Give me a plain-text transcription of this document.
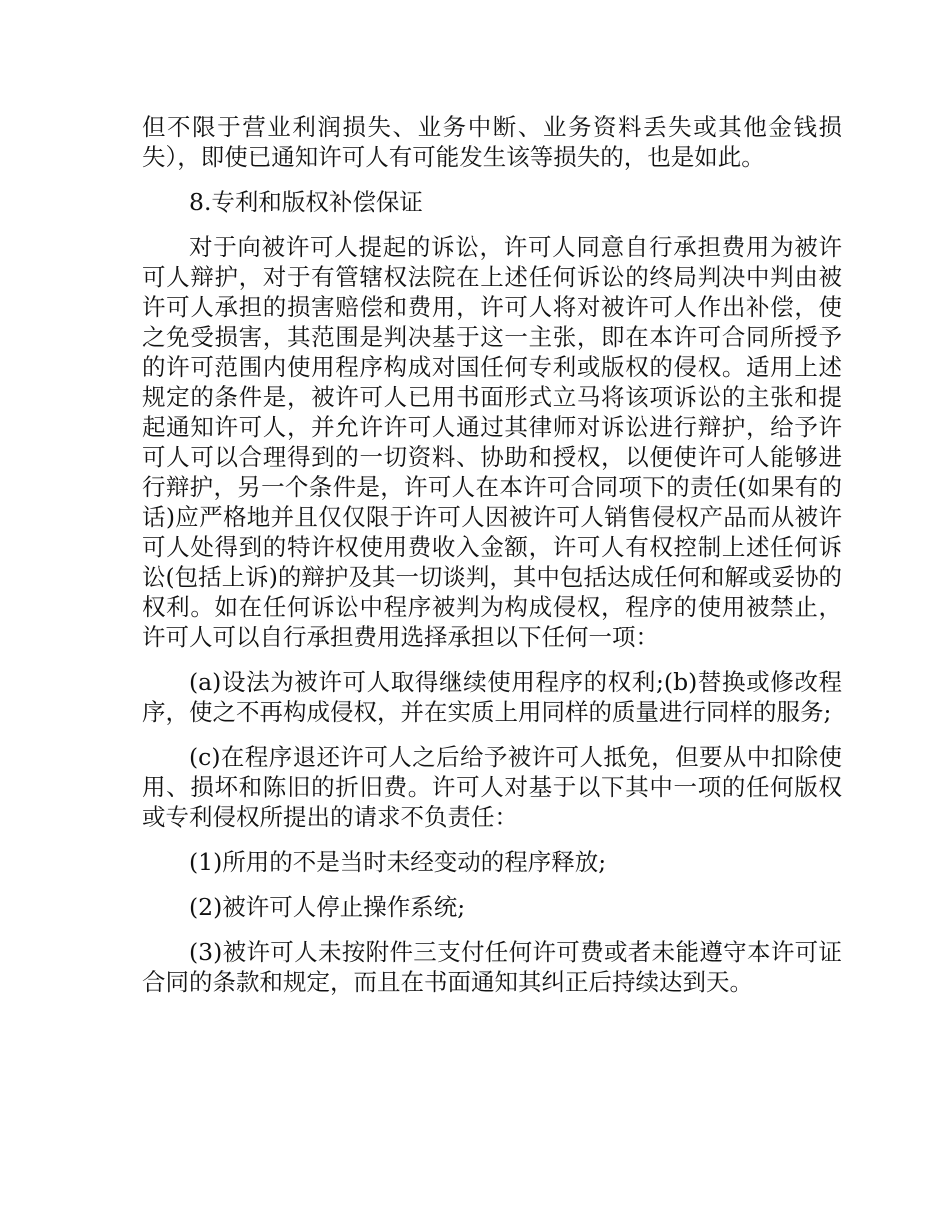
但不限于营业利润损失、业务中断、业务资料丢失或其他金钱损失），即使已通知许可人有可能发生该等损失的，也是如此。

8.专利和版权补偿保证

对于向被许可人提起的诉讼，许可人同意自行承担费用为被许可人辩护，对于有管辖权法院在上述任何诉讼的终局判决中判由被许可人承担的损害赔偿和费用，许可人将对被许可人作出补偿，使之免受损害，其范围是判决基于这一主张，即在本许可合同所授予的许可范围内使用程序构成对国任何专利或版权的侵权。适用上述规定的条件是，被许可人已用书面形式立马将该项诉讼的主张和提起通知许可人，并允许许可人通过其律师对诉讼进行辩护，给予许可人可以合理得到的一切资料、协助和授权，以便使许可人能够进行辩护，另一个条件是，许可人在本许可合同项下的责任(如果有的话)应严格地并且仅仅限于许可人因被许可人销售侵权产品而从被许可人处得到的特许权使用费收入金额，许可人有权控制上述任何诉讼(包括上诉)的辩护及其一切谈判，其中包括达成任何和解或妥协的权利。如在任何诉讼中程序被判为构成侵权，程序的使用被禁止，许可人可以自行承担费用选择承担以下任何一项：

(a)设法为被许可人取得继续使用程序的权利;(b)替换或修改程序，使之不再构成侵权，并在实质上用同样的质量进行同样的服务;

(c)在程序退还许可人之后给予被许可人抵免，但要从中扣除使用、损坏和陈旧的折旧费。许可人对基于以下其中一项的任何版权或专利侵权所提出的请求不负责任：

(1)所用的不是当时未经变动的程序释放;

(2)被许可人停止操作系统;

(3)被许可人未按附件三支付任何许可费或者未能遵守本许可证合同的条款和规定，而且在书面通知其纠正后持续达到天。
